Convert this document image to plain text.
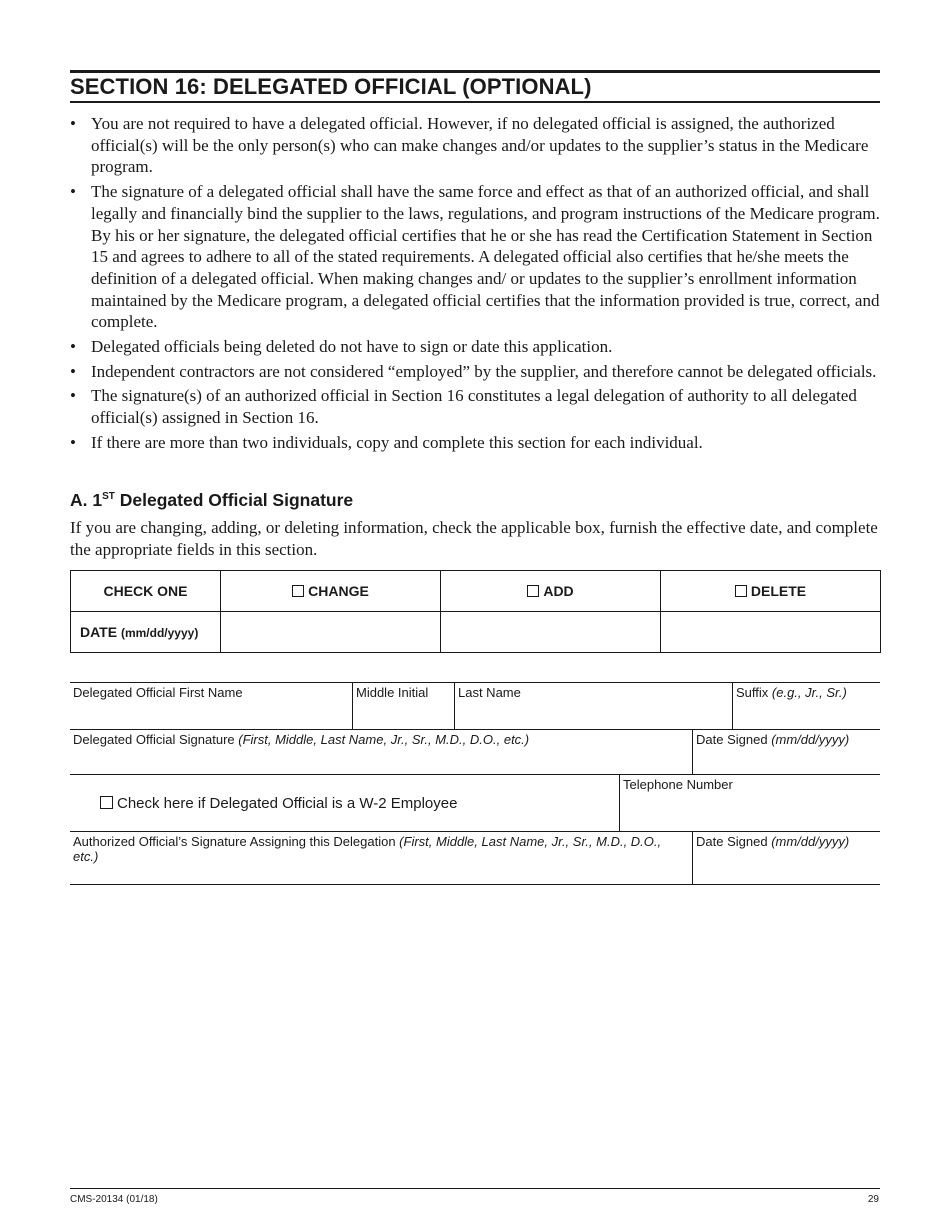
SECTION 16: DELEGATED OFFICIAL (OPTIONAL)
• You are not required to have a delegated official. However, if no delegated official is assigned, the authorized official(s) will be the only person(s) who can make changes and/or updates to the supplier’s status in the Medicare program.
• The signature of a delegated official shall have the same force and effect as that of an authorized official, and shall legally and financially bind the supplier to the laws, regulations, and program instructions of the Medicare program. By his or her signature, the delegated official certifies that he or she has read the Certification Statement in Section 15 and agrees to adhere to all of the stated requirements. A delegated official also certifies that he/she meets the definition of a delegated official. When making changes and/ or updates to the supplier’s enrollment information maintained by the Medicare program, a delegated official certifies that the information provided is true, correct, and complete.
• Delegated officials being deleted do not have to sign or date this application.
• Independent contractors are not considered “employed” by the supplier, and therefore cannot be delegated officials.
• The signature(s) of an authorized official in Section 16 constitutes a legal delegation of authority to all delegated official(s) assigned in Section 16.
• If there are more than two individuals, copy and complete this section for each individual.
A. 1ST Delegated Official Signature
If you are changing, adding, or deleting information, check the applicable box, furnish the effective date, and complete the appropriate fields in this section.
CHECK ONE	CHANGE	ADD	DELETE
DATE (mm/dd/yyyy)			
Delegated Official First Name	Middle Initial	Last Name	Suffix (e.g., Jr., Sr.)
Delegated Official Signature (First, Middle, Last Name, Jr., Sr., M.D., D.O., etc.)	Date Signed (mm/dd/yyyy)
Check here if Delegated Official is a W-2 Employee
Telephone Number
Authorized Official’s Signature Assigning this Delegation (First, Middle, Last Name, Jr., Sr., M.D., D.O., etc.)
Date Signed (mm/dd/yyyy)
CMS-20134 (01/18)	29
